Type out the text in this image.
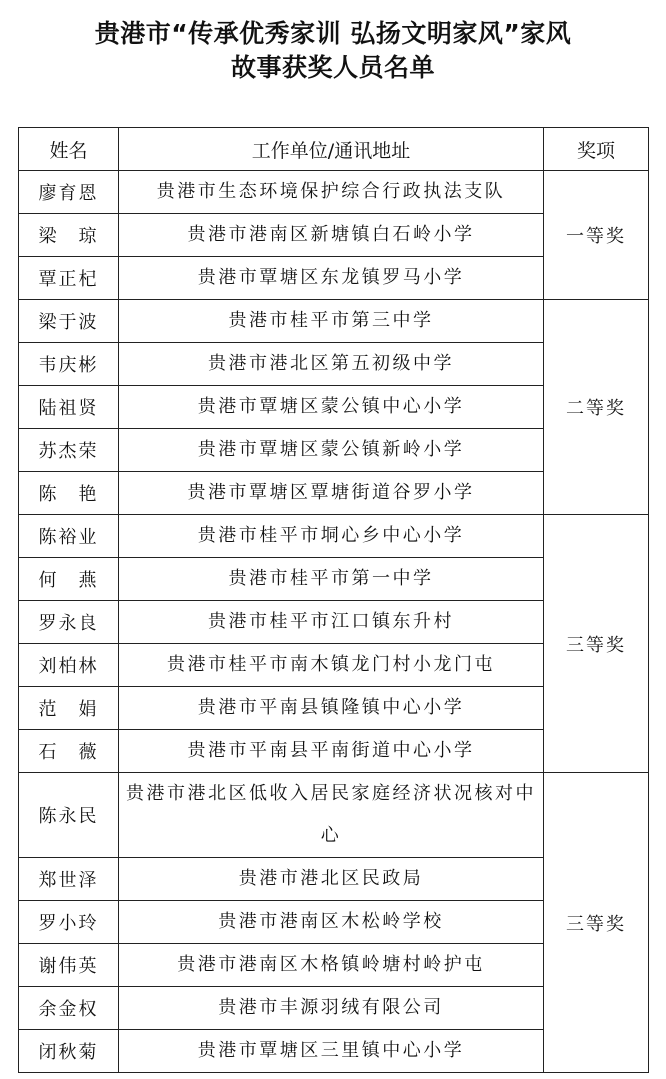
贵港市“传承优秀家训 弘扬文明家风”家风
故事获奖人员名单
姓名	工作单位/通讯地址	奖项
廖育恩	贵港市生态环境保护综合行政执法支队	一等奖
梁　琼	贵港市港南区新塘镇白石岭小学	
覃正杞	贵港市覃塘区东龙镇罗马小学	
梁于波	贵港市桂平市第三中学	二等奖
韦庆彬	贵港市港北区第五初级中学	
陆祖贤	贵港市覃塘区蒙公镇中心小学	
苏杰荣	贵港市覃塘区蒙公镇新岭小学	
陈　艳	贵港市覃塘区覃塘街道谷罗小学	
陈裕业	贵港市桂平市垌心乡中心小学	三等奖
何　燕	贵港市桂平市第一中学	
罗永良	贵港市桂平市江口镇东升村	
刘柏林	贵港市桂平市南木镇龙门村小龙门屯	
范　娟	贵港市平南县镇隆镇中心小学	
石　薇	贵港市平南县平南街道中心小学	
陈永民	贵港市港北区低收入居民家庭经济状况核对中心	三等奖
郑世泽	贵港市港北区民政局	
罗小玲	贵港市港南区木松岭学校	
谢伟英	贵港市港南区木格镇岭塘村岭护屯	
余金权	贵港市丰源羽绒有限公司	
闭秋菊	贵港市覃塘区三里镇中心小学	
